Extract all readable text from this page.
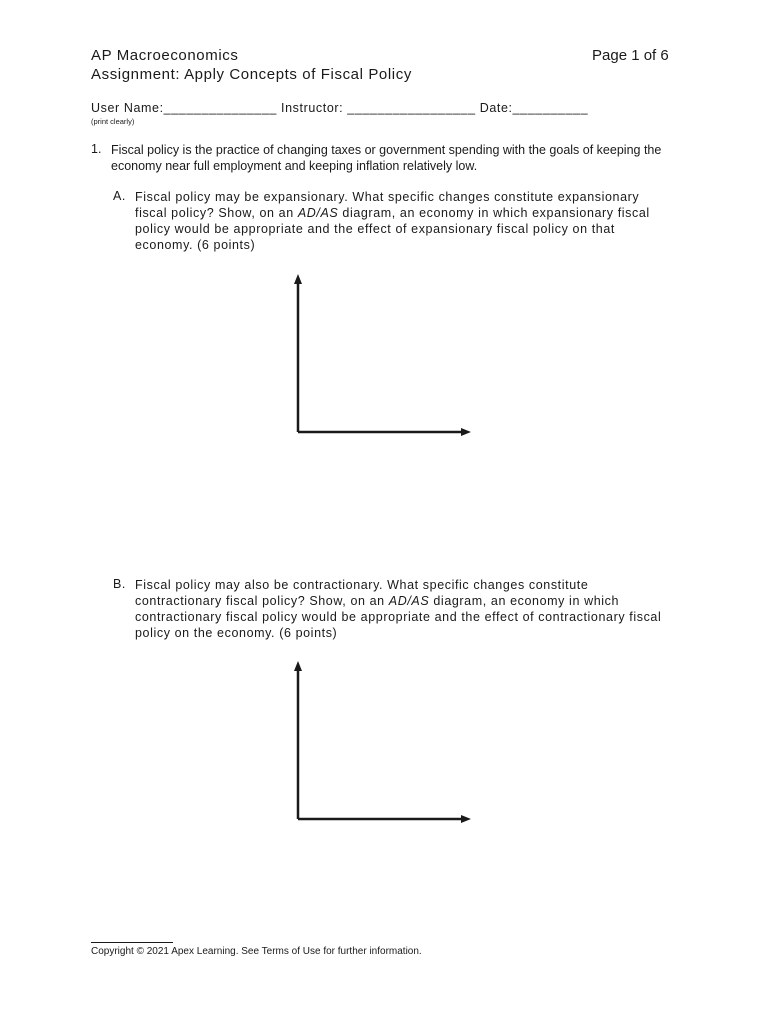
AP Macroeconomics	Page 1 of 6
Assignment: Apply Concepts of Fiscal Policy
User Name:_______________ Instructor: _________________ Date:__________
(print clearly)
1. Fiscal policy is the practice of changing taxes or government spending with the goals of keeping the economy near full employment and keeping inflation relatively low.
A. Fiscal policy may be expansionary. What specific changes constitute expansionary fiscal policy? Show, on an AD/AS diagram, an economy in which expansionary fiscal policy would be appropriate and the effect of expansionary fiscal policy on that economy. (6 points)
B. Fiscal policy may also be contractionary. What specific changes constitute contractionary fiscal policy? Show, on an AD/AS diagram, an economy in which contractionary fiscal policy would be appropriate and the effect of contractionary fiscal policy on the economy. (6 points)
Copyright © 2021 Apex Learning. See Terms of Use for further information.
